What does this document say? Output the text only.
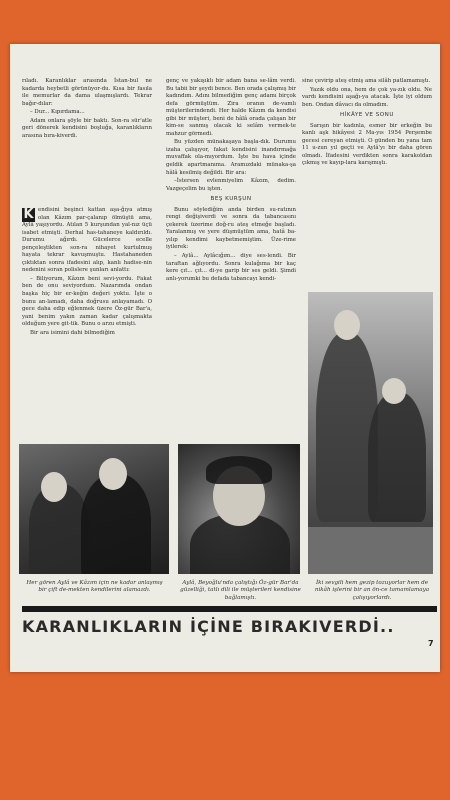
rıladı. Karanlıklar arasında İstan-bul ne kadarda heybetli görünüyor-du. Kısa bir fasıla ile memurlar da dama ulaşmışlardı. Tekrar bağır-dılar:

– Dur... Kıpırdama...

Adam onlara şöyle bir baktı. Son-ra sür'atle geri dönerek kendisini boşluğa, karanlıkların arasına bıra-kiverdi.

K endisini beşinci kattan aşa-ğıya atmış olan Kâzım par-çalanıp ölmüştü ama, Aylâ yaşıyordu. Atılan 5 kurşundan yal-nız üçü isabet etmişti. Derhal has-tahaneye kaldırıldı. Durumu ağırdı. Gücelerce ecelle pençeleştikten son-ra nihayet kurtulmuş hayata tekrar kavuşmuştu. Hastahaneden çıktıktan sonra ifadesini alıp, kanlı hadise-nin nedenini soran polislere şunları anlattı:

– Biliyorum, Kâzım beni sevi-yordu. Fakat ben de onu seviyordum. Nazarımda ondan başka hiç bir er-keğin değeri yoktu. İşte o bunu an-lamadı, daha doğrusu anlayamadı. O gece daha edip eğlenmek üzere Öz-gür Bar'a, yani benim yakın zaman kadar çalışmakta olduğum yere git-tik. Bunu o arzu etmişti.

Bir ara isimini dahi bilmediğim

genç ve yakışıklı bir adam bana se-lâm verdi. Bu tabii bir şeydi bence. Ben orada çalışmış bir kadındım. Adını bilmediğim genç adamı birçok defa görmüştüm. Zira oranın de-vamlı müşterilerindendi. Her halde Kâzım da kendisi gibi bir müşteri, beni de hâlâ orada çalışan bir kim-se sanmış olacak ki selâm vermek-te mahzur görmedi.

Bu yüzden münakaşaya başla-dık. Durumu izaha çalışıyor, fakat kendisini inandırmağa muvaffak ola-mıyordum. İşte bu hava içinde geldik apartmanıma. Aramızdaki münaka-şa hâlâ kesilmiş değildi. Bir ara:

–İstersen evlenmiyelim Kâzım, dedim. Vazgeçelim bu işten.

BEŞ KURŞUN

Bunu söylediğim anda birden su-ratının rengi değişiverdi ve sonra da tabancasını çekerek üzerime doğ-ru ateş etmeğe başladı. Yaralanmış ve yere düşmüştüm ama, hatâ ba-yılıp kendimi kaybetmemiştim. Üze-rime iyilerek:

– Aylâ... Aylâcığım... diye ses-lendi. Bir taraftan ağlıyordu. Sonra kulağıma bir kaç kere çıt... çıt... di-ye garip bir ses geldi. Şimdi anlı-yorumki bu defada tabancayı kendi-

sine çevirip ateş etmiş ama silâh patlamamıştı.

Yazık oldu ona, hem de çok ya-zık oldu. Ne vardı kendisini aşağı-ya atacak. İşte iyi oldum ben. Ondan dâvacı da olmadım.

HİKÂYE VE SONU

Sarışın bir kadınla, esmer bir erkeğin bu kanlı aşk hikâyesi 2 Ma-yıs 1954 Perşembe gecesi cereyan etmişti. O günden bu yana tam 11 u-zun yıl geçti ve Aylâ'yı bir daha gören olmadı. İfadesini verdikten sonra karakoldan çıkmış ve kayıp-lara karışmıştı.

Her gören Aylâ ve Kâzım için ne kadar anlaşmış bir çift de-mekten kendilerini alamazdı.
Aylâ, Beyoğlu'nda çalıştığı Öz-gür Bar'da güzelliği, tatlı dili ile müşterileri kendisine bağlamıştı.
İki sevgili hem gezip tozuyorlar hem de nikâh işlerini bir an ön-ce tamamlamaya çalışıyorlardı.
KARANLIKLARIN İÇİNE BIRAKIVERDİ..
7
